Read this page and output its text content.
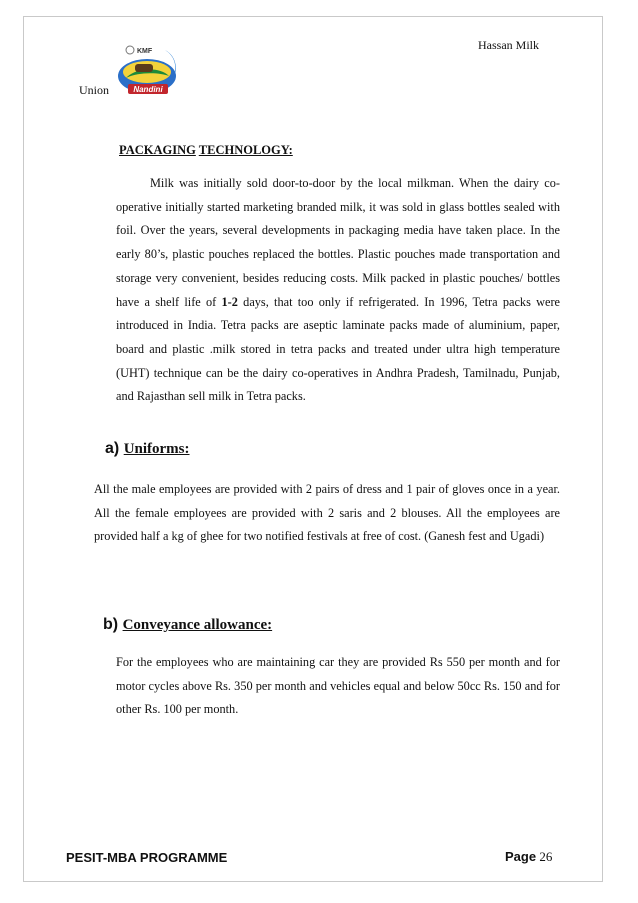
Hassan Milk
Union
KMF
Nandini
PACKAGING TECHNOLOGY:
Milk was initially sold door-to-door by the local milkman. When the dairy co-operative initially started marketing branded milk, it was sold in glass bottles sealed with foil. Over the years, several developments in packaging media have taken place. In the early 80’s, plastic pouches replaced the bottles. Plastic pouches made transportation and storage very convenient, besides reducing costs. Milk packed in plastic pouches/ bottles have a shelf life of 1-2 days, that too only if refrigerated. In 1996, Tetra packs were introduced in India. Tetra packs are aseptic laminate packs made of aluminium, paper, board and plastic .milk stored in tetra packs and treated under ultra high temperature (UHT) technique can be the dairy co-operatives in Andhra Pradesh, Tamilnadu, Punjab, and Rajasthan sell milk in Tetra packs.
a) Uniforms:
All the male employees are provided with 2 pairs of dress and 1 pair of gloves once in a year. All the female employees are provided with 2 saris and 2 blouses. All the employees are provided half a kg of ghee for two notified festivals at free of cost. (Ganesh fest and Ugadi)
b) Conveyance allowance:
For the employees who are maintaining car they are provided Rs 550 per month and for motor cycles above Rs. 350 per month and vehicles equal and below 50cc Rs. 150 and for other Rs. 100 per month.
PESIT-MBA PROGRAMME	Page 26
